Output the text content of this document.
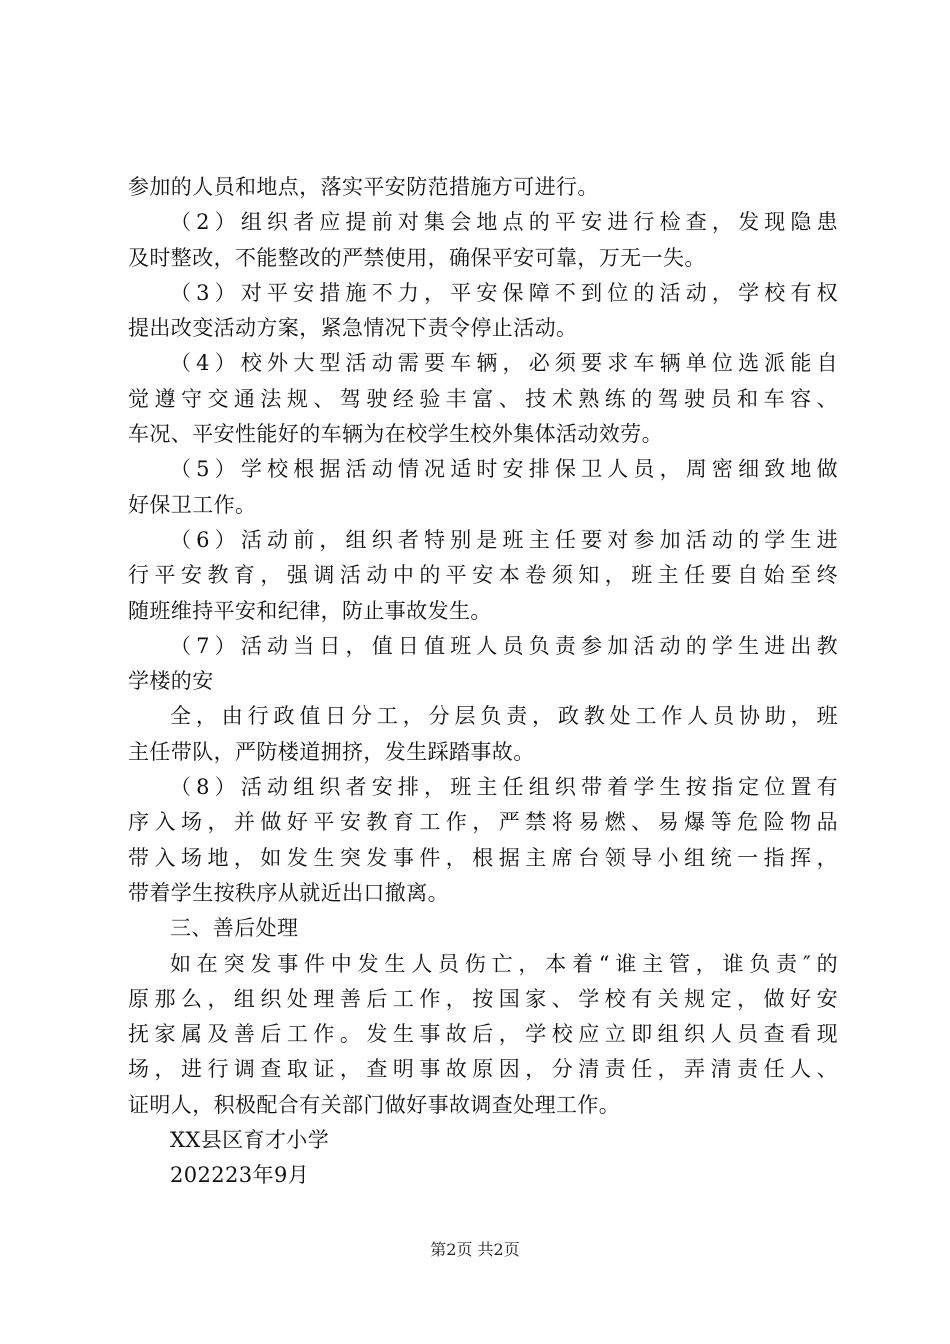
参加的人员和地点，落实平安防范措施方可进行。
（2）组织者应提前对集会地点的平安进行检查，发现隐患
及时整改，不能整改的严禁使用，确保平安可靠，万无一失。
（3）对平安措施不力，平安保障不到位的活动，学校有权
提出改变活动方案，紧急情况下责令停止活动。
（4）校外大型活动需要车辆，必须要求车辆单位选派能自
觉遵守交通法规、驾驶经验丰富、技术熟练的驾驶员和车容、
车况、平安性能好的车辆为在校学生校外集体活动效劳。
（5）学校根据活动情况适时安排保卫人员，周密细致地做
好保卫工作。
（6）活动前，组织者特别是班主任要对参加活动的学生进
行平安教育，强调活动中的平安本卷须知，班主任要自始至终
随班维持平安和纪律，防止事故发生。
（7）活动当日，值日值班人员负责参加活动的学生进出教
学楼的安
全，由行政值日分工，分层负责，政教处工作人员协助，班
主任带队，严防楼道拥挤，发生踩踏事故。
（8）活动组织者安排，班主任组织带着学生按指定位置有
序入场，并做好平安教育工作，严禁将易燃、易爆等危险物品
带入场地，如发生突发事件，根据主席台领导小组统一指挥，
带着学生按秩序从就近出口撤离。
三、善后处理
如在突发事件中发生人员伤亡，本着“谁主管，谁负责″的
原那么，组织处理善后工作，按国家、学校有关规定，做好安
抚家属及善后工作。发生事故后，学校应立即组织人员查看现
场，进行调查取证，查明事故原因，分清责任，弄清责任人、
证明人，积极配合有关部门做好事故调查处理工作。
XX县区育才小学
202223年9月
第2页 共2页
